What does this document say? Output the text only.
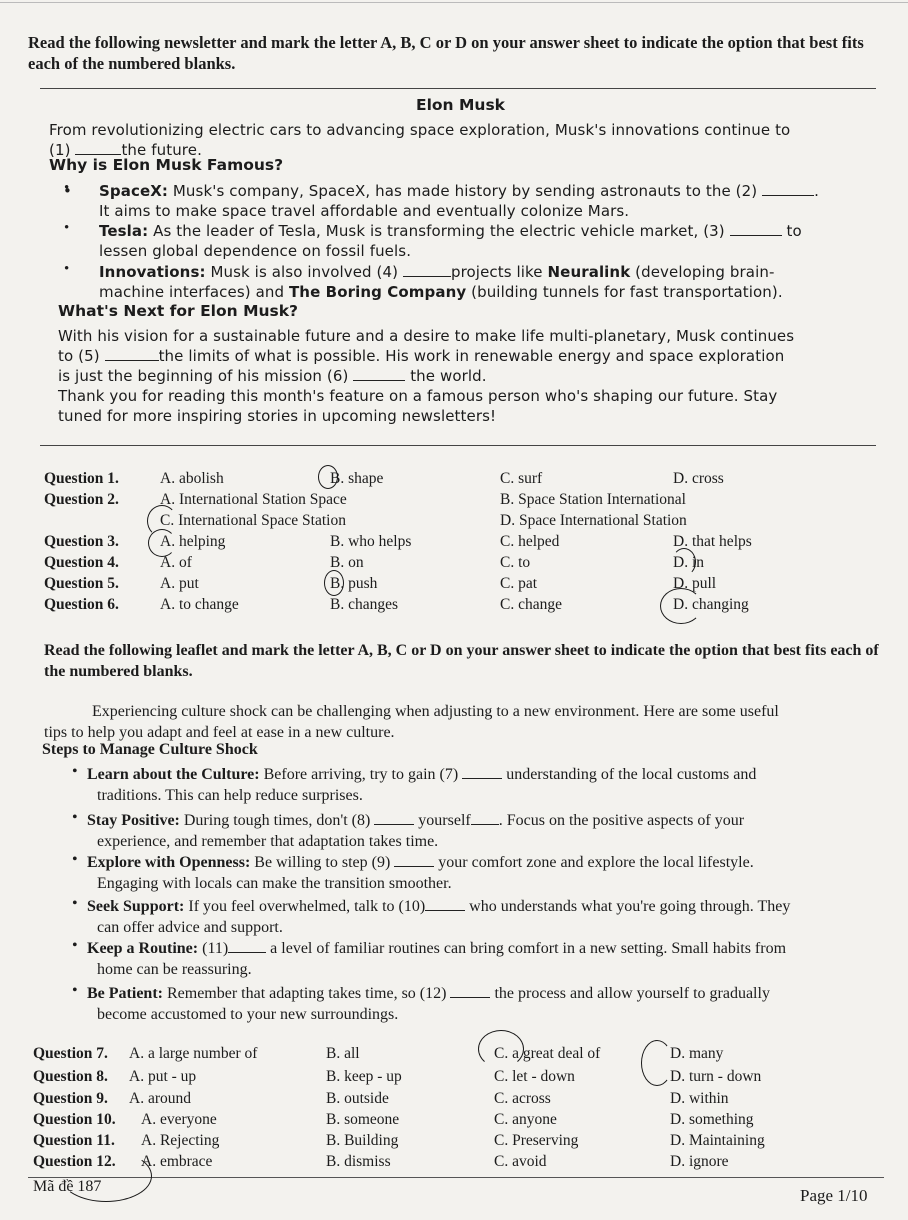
Read the following newsletter and mark the letter A, B, C or D on your answer sheet to indicate the option that best fits each of the numbered blanks.
Elon Musk
From revolutionizing electric cars to advancing space exploration, Musk's innovations continue to
(1)	the future.
Why is Elon Musk Famous?
SpaceX: Musk's company, SpaceX, has made history by sending astronauts to the (2)	.
It aims to make space travel affordable and eventually colonize Mars.
•
Tesla: As the leader of Tesla, Musk is transforming the electric vehicle market, (3)	to
lessen global dependence on fossil fuels.
•
Innovations: Musk is also involved (4)	projects like Neuralink (developing brain-
machine interfaces) and The Boring Company (building tunnels for fast transportation).
•
What's Next for Elon Musk?
With his vision for a sustainable future and a desire to make life multi-planetary, Musk continues
to (5)	the limits of what is possible. His work in renewable energy and space exploration
is just the beginning of his mission (6)	the world.
Thank you for reading this month's feature on a famous person who's shaping our future. Stay
tuned for more inspiring stories in upcoming newsletters!
Question 1.	A. abolish	B. shape	C. surf	D. cross
Question 2.	A. International Station Space	B. Space Station International
C. International Space Station	D. Space International Station
Question 3.	A. helping	B. who helps	C. helped	D. that helps
Question 4.	A. of	B. on	C. to	D. in
Question 5.	A. put	B. push	C. pat	D. pull
Question 6.	A. to change	B. changes	C. change	D. changing
Read the following leaflet and mark the letter A, B, C or D on your answer sheet to indicate the option that best fits each of the numbered blanks.
Experiencing culture shock can be challenging when adjusting to a new environment. Here are some useful
tips to help you adapt and feel at ease in a new culture.
Steps to Manage Culture Shock
Learn about the Culture: Before arriving, try to gain (7)	understanding of the local customs and
traditions. This can help reduce surprises.
•
Stay Positive: During tough times, don't (8)	yourself . Focus on the positive aspects of your
experience, and remember that adaptation takes time.
•
Explore with Openness: Be willing to step (9)	your comfort zone and explore the local lifestyle.
Engaging with locals can make the transition smoother.
•
Seek Support: If you feel overwhelmed, talk to (10)	who understands what you're going through. They
can offer advice and support.
•
Keep a Routine: (11)	a level of familiar routines can bring comfort in a new setting. Small habits from
home can be reassuring.
•
Be Patient: Remember that adapting takes time, so (12)	the process and allow yourself to gradually
become accustomed to your new surroundings.
•
Question 7. A. a large number of	B. all	C. a great deal of	D. many
Question 8. A. put - up	B. keep - up	C. let - down	D. turn - down
Question 9. A. around	B. outside	C. across	D. within
Question 10. A. everyone	B. someone	C. anyone	D. something
Question 11. A. Rejecting	B. Building	C. Preserving	D. Maintaining
Question 12. A. embrace	B. dismiss	C. avoid	D. ignore
Mã đề 187	Page 1/10
